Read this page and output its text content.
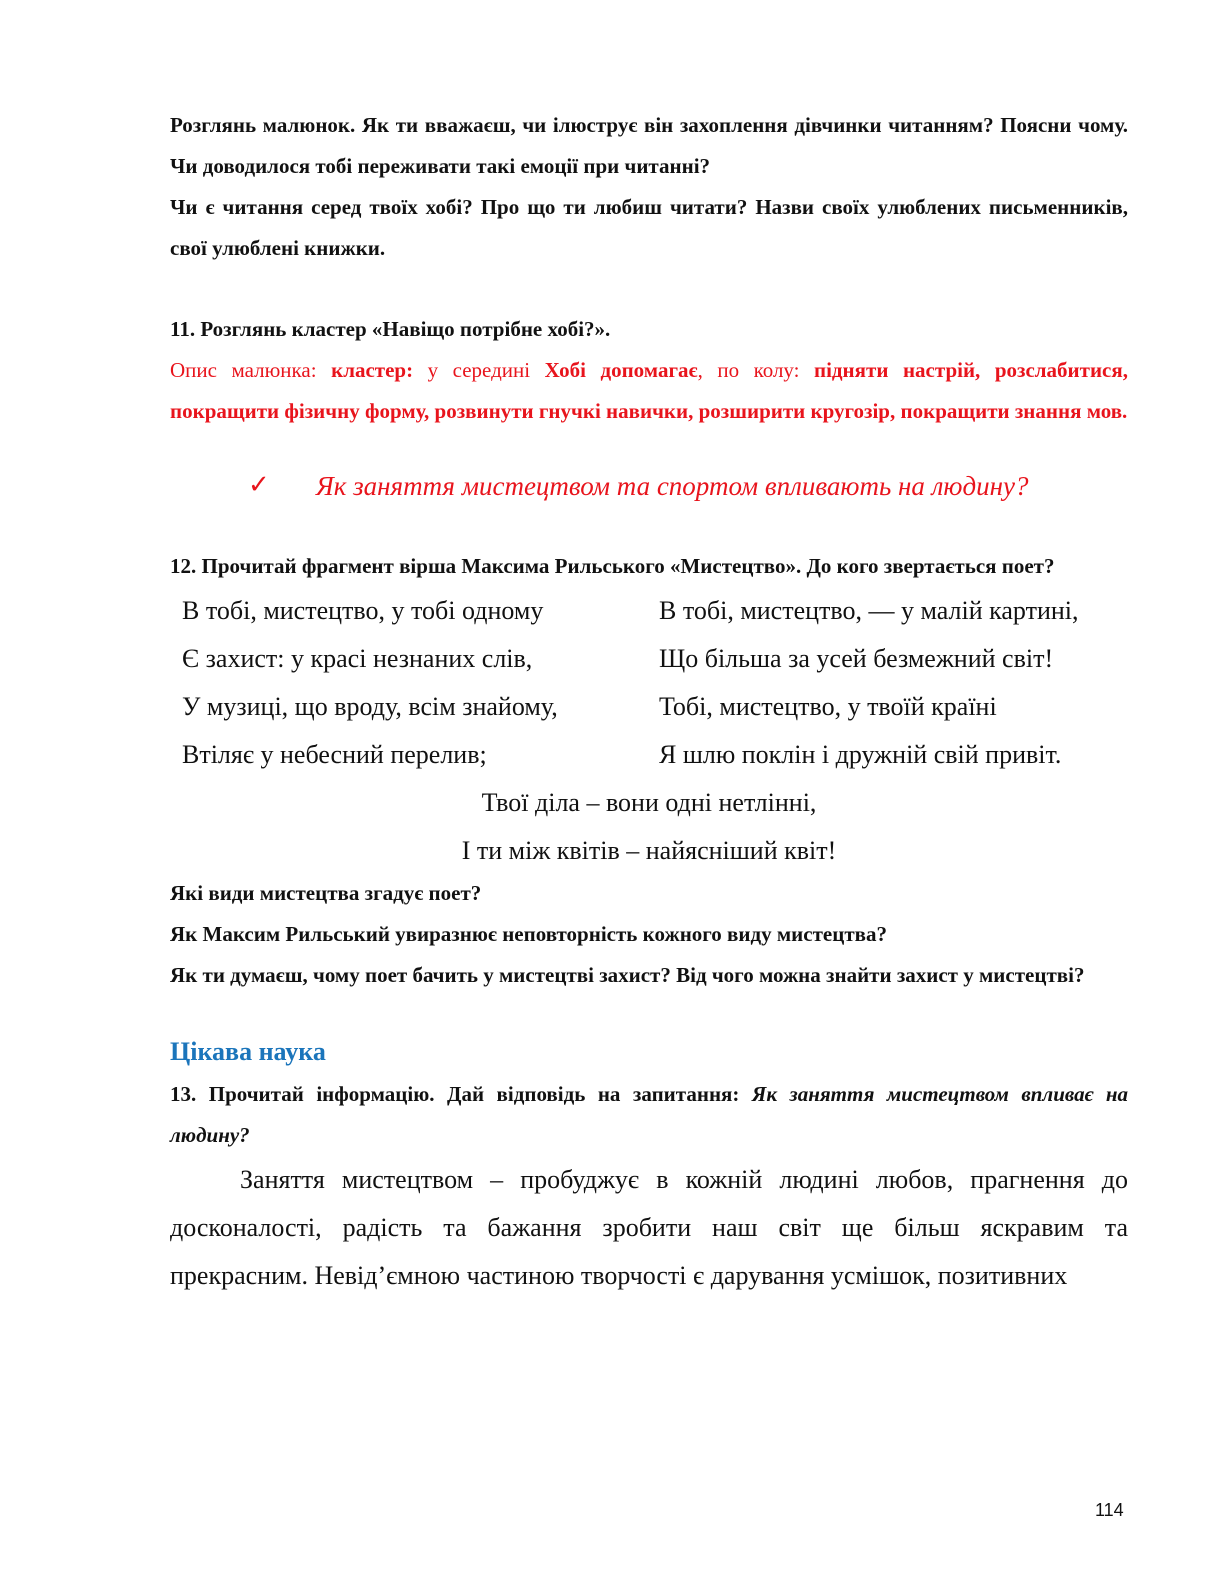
Розглянь малюнок. Як ти вважаєш, чи ілюструє він захоплення дівчинки читанням? Поясни чому. Чи доводилося тобі переживати такі емоції при читанні?

Чи є читання серед твоїх хобі? Про що ти любиш читати? Назви своїх улюблених письменників, свої улюблені книжки.

11. Розглянь кластер «Навіщо потрібне хобі?».

Опис малюнка: кластер: у середині Хобі допомагає, по колу: підняти настрій, розслабитися, покращити фізичну форму, розвинути гнучкі навички, розширити кругозір, покращити знання мов.

✓ Як заняття мистецтвом та спортом впливають на людину?

12. Прочитай фрагмент вірша Максима Рильського «Мистецтво». До кого звертається поет?

В тобі, мистецтво, у тобі одному
Є захист: у красі незнаних слів,
У музиці, що вроду, всім знайому,
Втіляє у небесний перелив;
В тобі, мистецтво, — у малій картині,
Що більша за усей безмежний світ!
Тобі, мистецтво, у твоїй країні
Я шлю поклін і дружній свій привіт.
Твої діла – вони одні нетлінні,
І ти між квітів – найясніший квіт!

Які види мистецтва згадує поет?

Як Максим Рильський увиразнює неповторність кожного виду мистецтва?

Як ти думаєш, чому поет бачить у мистецтві захист? Від чого можна знайти захист у мистецтві?

Цікава наука

13. Прочитай інформацію. Дай відповідь на запитання: Як заняття мистецтвом впливає на людину?

Заняття мистецтвом – пробуджує в кожній людині любов, прагнення до досконалості, радість та бажання зробити наш світ ще більш яскравим та прекрасним. Невід’ємною частиною творчості є дарування усмішок, позитивних

114
